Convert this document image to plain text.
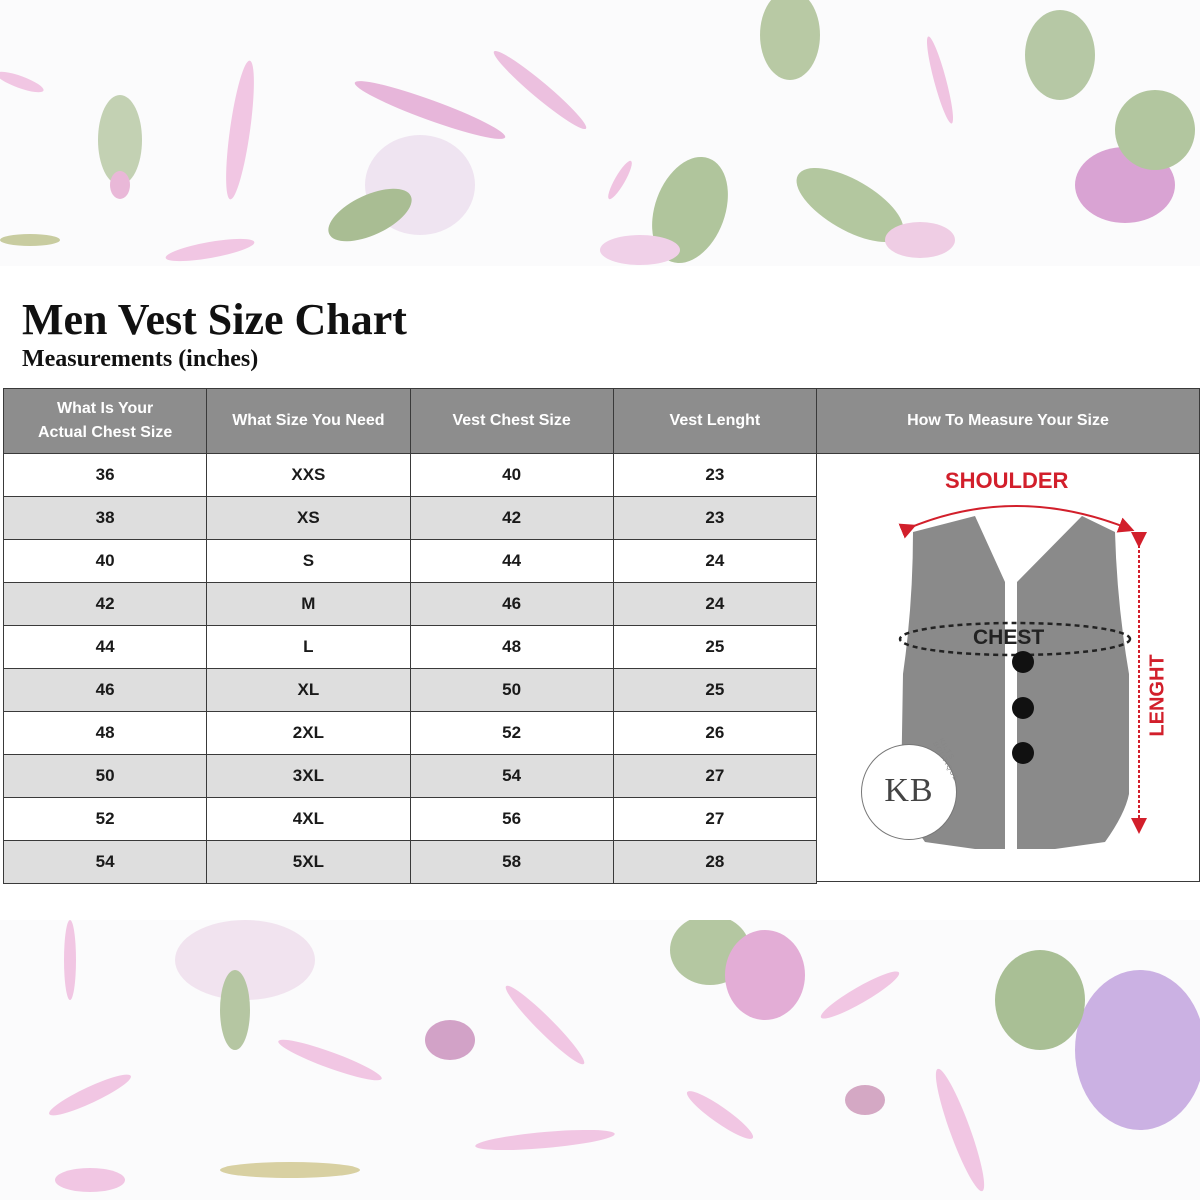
Men Vest Size Chart
Measurements (inches)
What Is Your
Actual Chest Size	What Size You Need	Vest Chest Size	Vest Lenght
36	XXS	40	23
38	XS	42	23
40	S	44	24
42	M	46	24
44	L	48	25
46	XL	50	25
48	2XL	52	26
50	3XL	54	27
52	4XL	56	27
54	5XL	58	28
How To Measure Your Size
SHOULDER
CHEST
LENGHT
KB
KILTS BOUTIQUE
